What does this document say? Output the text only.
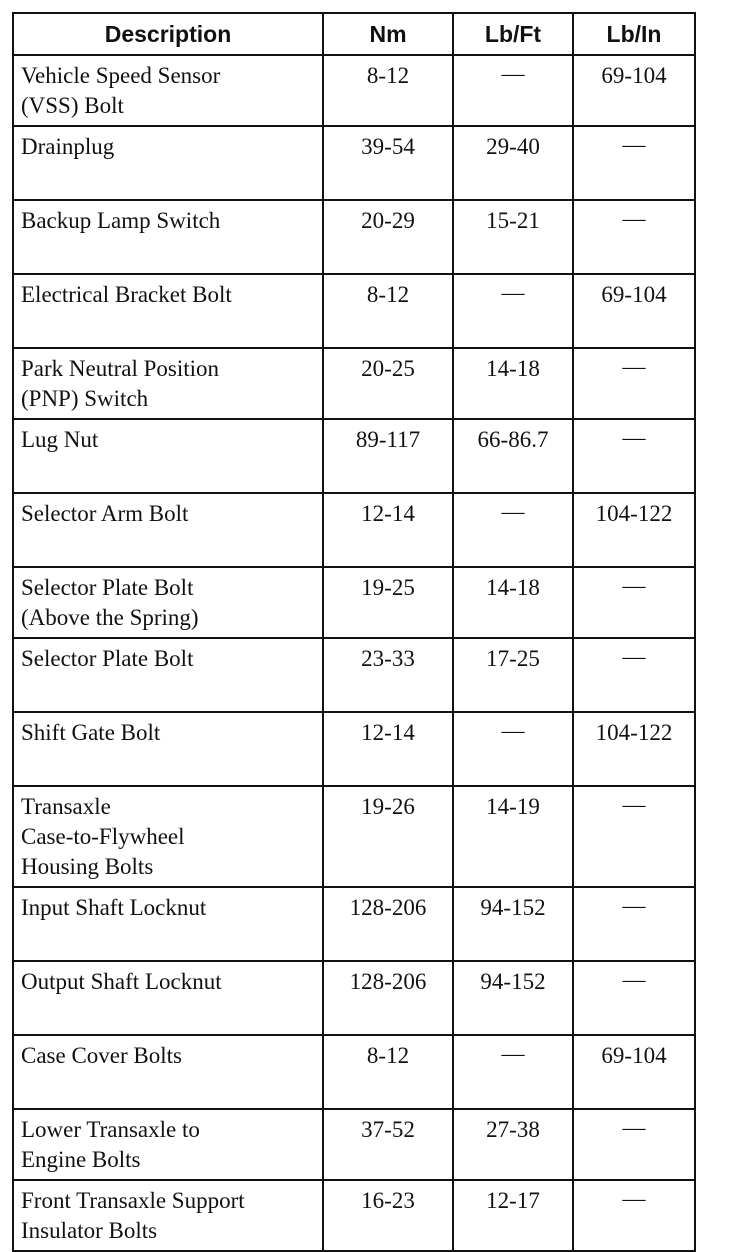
Description	Nm	Lb/Ft	Lb/In
Vehicle Speed Sensor
(VSS) Bolt	8-12	—	69-104
Drainplug	39-54	29-40	—
Backup Lamp Switch	20-29	15-21	—
Electrical Bracket Bolt	8-12	—	69-104
Park Neutral Position
(PNP) Switch	20-25	14-18	—
Lug Nut	89-117	66-86.7	—
Selector Arm Bolt	12-14	—	104-122
Selector Plate Bolt
(Above the Spring)	19-25	14-18	—
Selector Plate Bolt	23-33	17-25	—
Shift Gate Bolt	12-14	—	104-122
Transaxle
Case-to-Flywheel
Housing Bolts	19-26	14-19	—
Input Shaft Locknut	128-206	94-152	—
Output Shaft Locknut	128-206	94-152	—
Case Cover Bolts	8-12	—	69-104
Lower Transaxle to
Engine Bolts	37-52	27-38	—
Front Transaxle Support
Insulator Bolts	16-23	12-17	—
